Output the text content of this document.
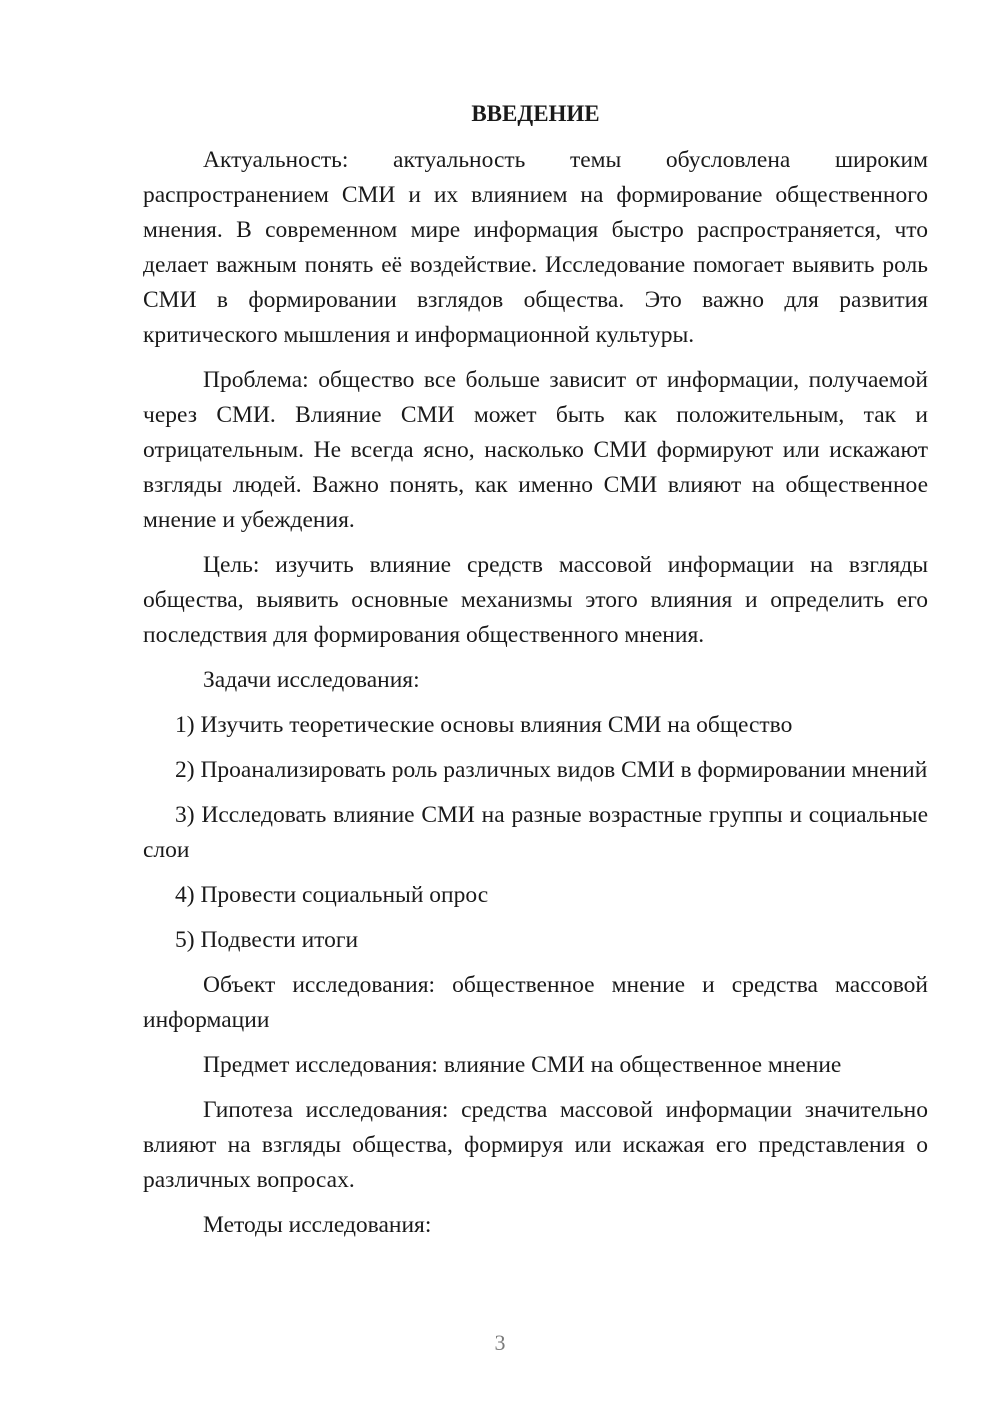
ВВЕДЕНИЕ

Актуальность: актуальность темы обусловлена широким распространением СМИ и их влиянием на формирование общественного мнения. В современном мире информация быстро распространяется, что делает важным понять её воздействие. Исследование помогает выявить роль СМИ в формировании взглядов общества. Это важно для развития критического мышления и информационной культуры.

Проблема: общество все больше зависит от информации, получаемой через СМИ. Влияние СМИ может быть как положительным, так и отрицательным. Не всегда ясно, насколько СМИ формируют или искажают взгляды людей. Важно понять, как именно СМИ влияют на общественное мнение и убеждения.

Цель: изучить влияние средств массовой информации на взгляды общества, выявить основные механизмы этого влияния и определить его последствия для формирования общественного мнения.

Задачи исследования:

1) Изучить теоретические основы влияния СМИ на общество

2) Проанализировать роль различных видов СМИ в формировании мнений

3) Исследовать влияние СМИ на разные возрастные группы и социальные слои

4) Провести социальный опрос

5) Подвести итоги

Объект исследования: общественное мнение и средства массовой информации

Предмет исследования: влияние СМИ на общественное мнение

Гипотеза исследования: средства массовой информации значительно влияют на взгляды общества, формируя или искажая его представления о различных вопросах.

Методы исследования:

3
